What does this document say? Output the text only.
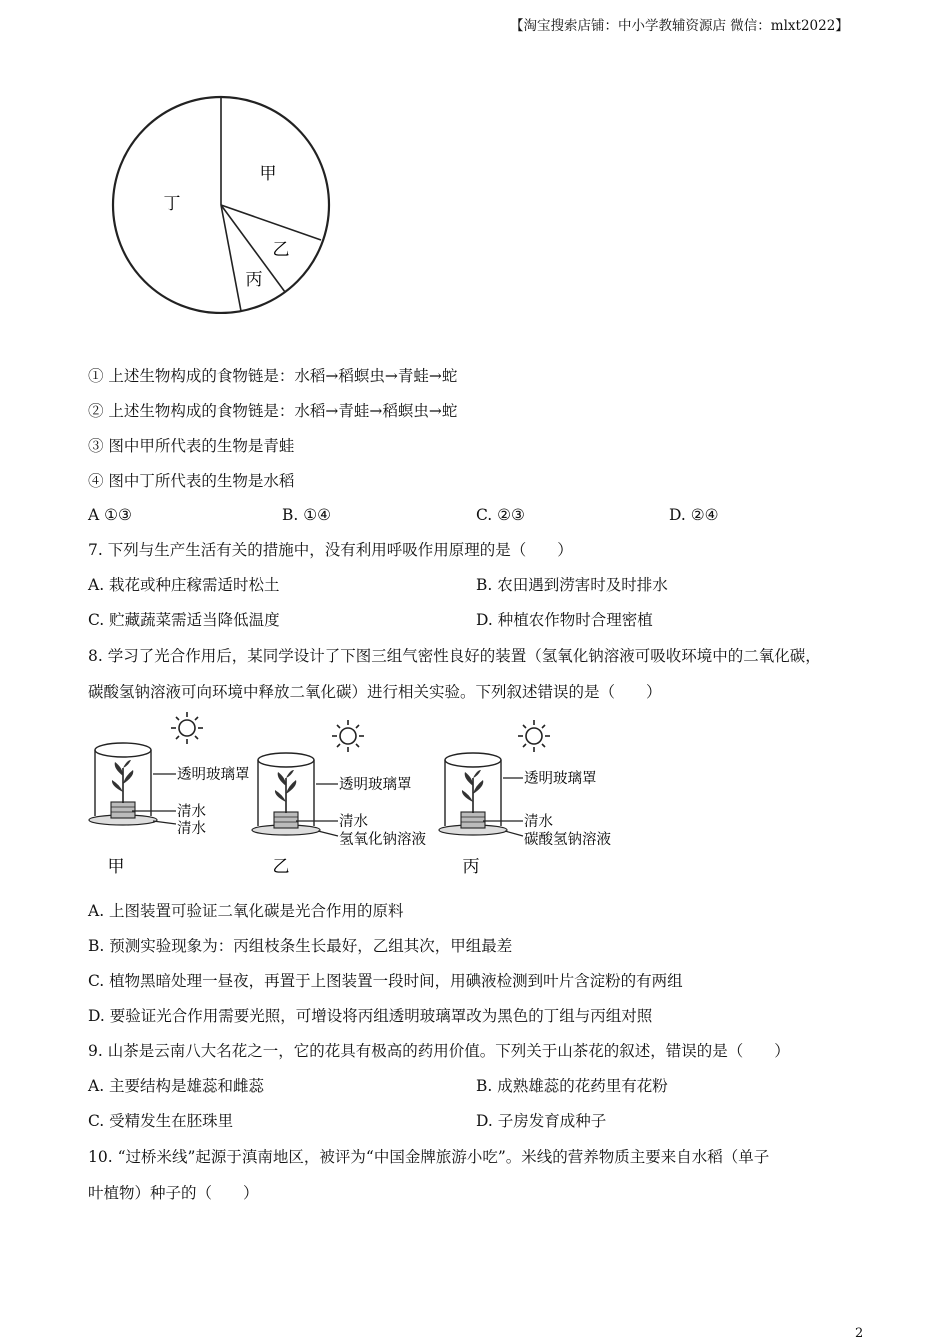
【淘宝搜索店铺：中小学教辅资源店 微信：mlxt2022】
甲
乙
丙
丁
① 上述生物构成的食物链是：水稻→稻螟虫→青蛙→蛇
② 上述生物构成的食物链是：水稻→青蛙→稻螟虫→蛇
③ 图中甲所代表的生物是青蛙
④ 图中丁所代表的生物是水稻
A ①③	B. ①④	C. ②③	D. ②④
7. 下列与生产生活有关的措施中，没有利用呼吸作用原理的是（　　）
A. 栽花或种庄稼需适时松土	B. 农田遇到涝害时及时排水
C. 贮藏蔬菜需适当降低温度	D. 种植农作物时合理密植
8. 学习了光合作用后，某同学设计了下图三组气密性良好的装置（氢氧化钠溶液可吸收环境中的二氧化碳，
碳酸氢钠溶液可向环境中释放二氧化碳）进行相关实验。下列叙述错误的是（　　）
透明玻璃罩
清水
清水
甲
透明玻璃罩
清水
氢氧化钠溶液
乙
透明玻璃罩
清水
碳酸氢钠溶液
丙
A. 上图装置可验证二氧化碳是光合作用的原料
B. 预测实验现象为：丙组枝条生长最好，乙组其次，甲组最差
C. 植物黑暗处理一昼夜，再置于上图装置一段时间，用碘液检测到叶片含淀粉的有两组
D. 要验证光合作用需要光照，可增设将丙组透明玻璃罩改为黑色的丁组与丙组对照
9. 山茶是云南八大名花之一，它的花具有极高的药用价值。下列关于山茶花的叙述，错误的是（　　）
A. 主要结构是雄蕊和雌蕊	B. 成熟雄蕊的花药里有花粉
C. 受精发生在胚珠里	D. 子房发育成种子
10. “过桥米线”起源于滇南地区，被评为“中国金牌旅游小吃”。米线的营养物质主要来自水稻（单子
叶植物）种子的（　　）
2
